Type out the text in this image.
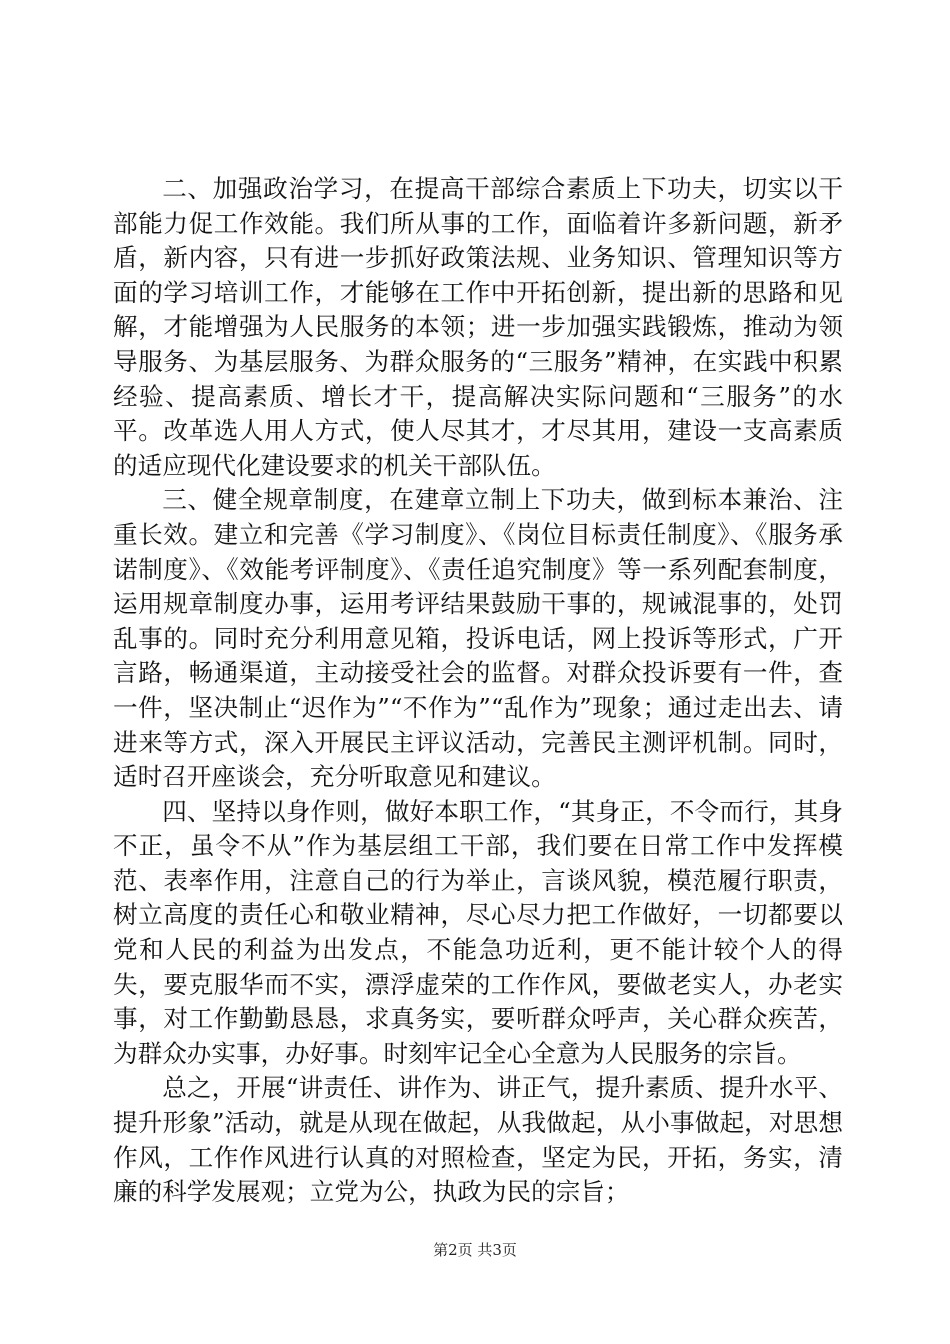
二、加强政治学习，在提高干部综合素质上下功夫，切实以干部能力促工作效能。我们所从事的工作，面临着许多新问题，新矛盾，新内容，只有进一步抓好政策法规、业务知识、管理知识等方面的学习培训工作，才能够在工作中开拓创新，提出新的思路和见解，才能增强为人民服务的本领；进一步加强实践锻炼，推动为领导服务、为基层服务、为群众服务的“三服务”精神，在实践中积累经验、提高素质、增长才干，提高解决实际问题和“三服务”的水平。改革选人用人方式，使人尽其才，才尽其用，建设一支高素质的适应现代化建设要求的机关干部队伍。

三、健全规章制度，在建章立制上下功夫，做到标本兼治、注重长效。建立和完善《学习制度》、《岗位目标责任制度》、《服务承诺制度》、《效能考评制度》、《责任追究制度》等一系列配套制度，运用规章制度办事，运用考评结果鼓励干事的，规诫混事的，处罚乱事的。同时充分利用意见箱，投诉电话，网上投诉等形式，广开言路，畅通渠道，主动接受社会的监督。对群众投诉要有一件，查一件，坚决制止“迟作为”“不作为”“乱作为”现象；通过走出去、请进来等方式，深入开展民主评议活动，完善民主测评机制。同时，适时召开座谈会，充分听取意见和建议。

四、坚持以身作则，做好本职工作，“其身正，不令而行，其身不正，虽令不从”作为基层组工干部，我们要在日常工作中发挥模范、表率作用，注意自己的行为举止，言谈风貌，模范履行职责，树立高度的责任心和敬业精神，尽心尽力把工作做好，一切都要以党和人民的利益为出发点，不能急功近利，更不能计较个人的得失，要克服华而不实，漂浮虚荣的工作作风，要做老实人，办老实事，对工作勤勤恳恳，求真务实，要听群众呼声，关心群众疾苦，为群众办实事，办好事。时刻牢记全心全意为人民服务的宗旨。

总之，开展“讲责任、讲作为、讲正气，提升素质、提升水平、提升形象”活动，就是从现在做起，从我做起，从小事做起，对思想作风，工作作风进行认真的对照检查，坚定为民，开拓，务实，清廉的科学发展观；立党为公，执政为民的宗旨；

第2页 共3页
